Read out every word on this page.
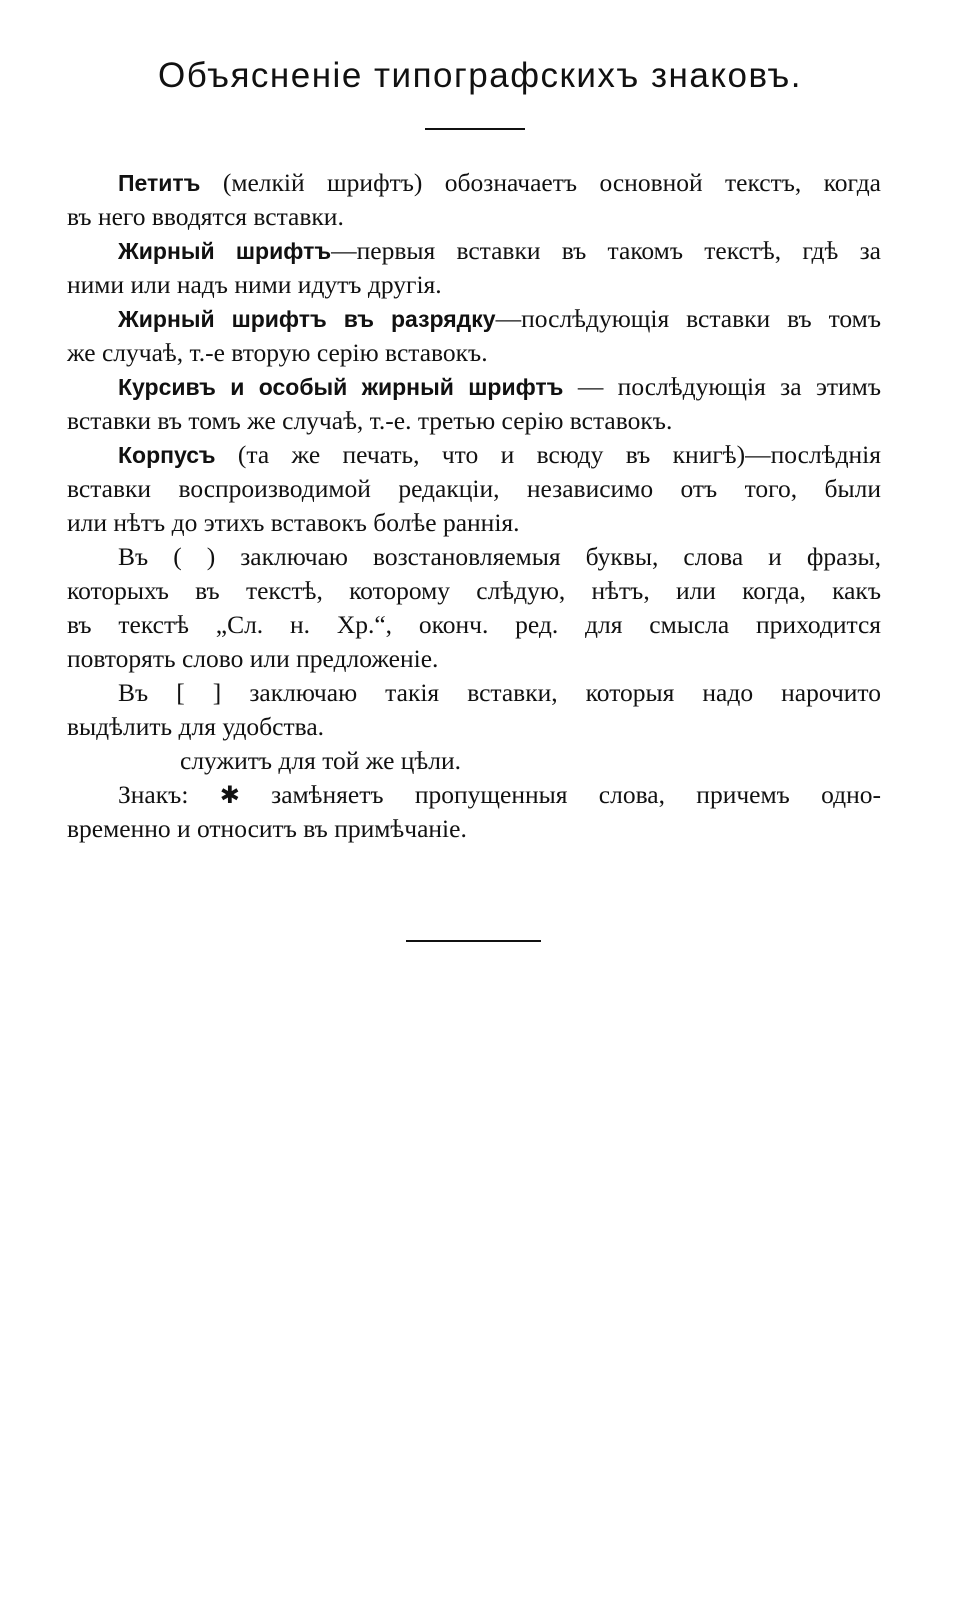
Объясненіе типографскихъ знаковъ.
Петитъ (мелкій шрифтъ) обозначаетъ основной текстъ, когда
въ него вводятся вставки.
Жирный шрифтъ—первыя вставки въ такомъ текстѣ, гдѣ за
ними или надъ ними идутъ другія.
Жирный шрифтъ въ разрядку—послѣдующія вставки въ томъ
же случаѣ, т.-е вторую серію вставокъ.
Курсивъ и особый жирный шрифтъ — послѣдующія за этимъ
вставки въ томъ же случаѣ, т.-е. третью серію вставокъ.
Корпусъ (та же печать, что и всюду въ книгѣ)—послѣднія
вставки воспроизводимой редакціи, независимо отъ того, были
или нѣтъ до этихъ вставокъ болѣе раннія.
Въ ( ) заключаю возстановляемыя буквы, слова и фразы,
которыхъ въ текстѣ, которому слѣдую, нѣтъ, или когда, какъ
въ текстѣ „Сл. н. Хр.“, оконч. ред. для смысла приходится
повторять слово или предложеніе.
Въ [ ] заключаю такія вставки, которыя надо нарочито
выдѣлить для удобства.
служитъ для той же цѣли.
Знакъ: ✱ замѣняетъ пропущенныя слова, причемъ одно-
временно и относитъ въ примѣчаніе.
